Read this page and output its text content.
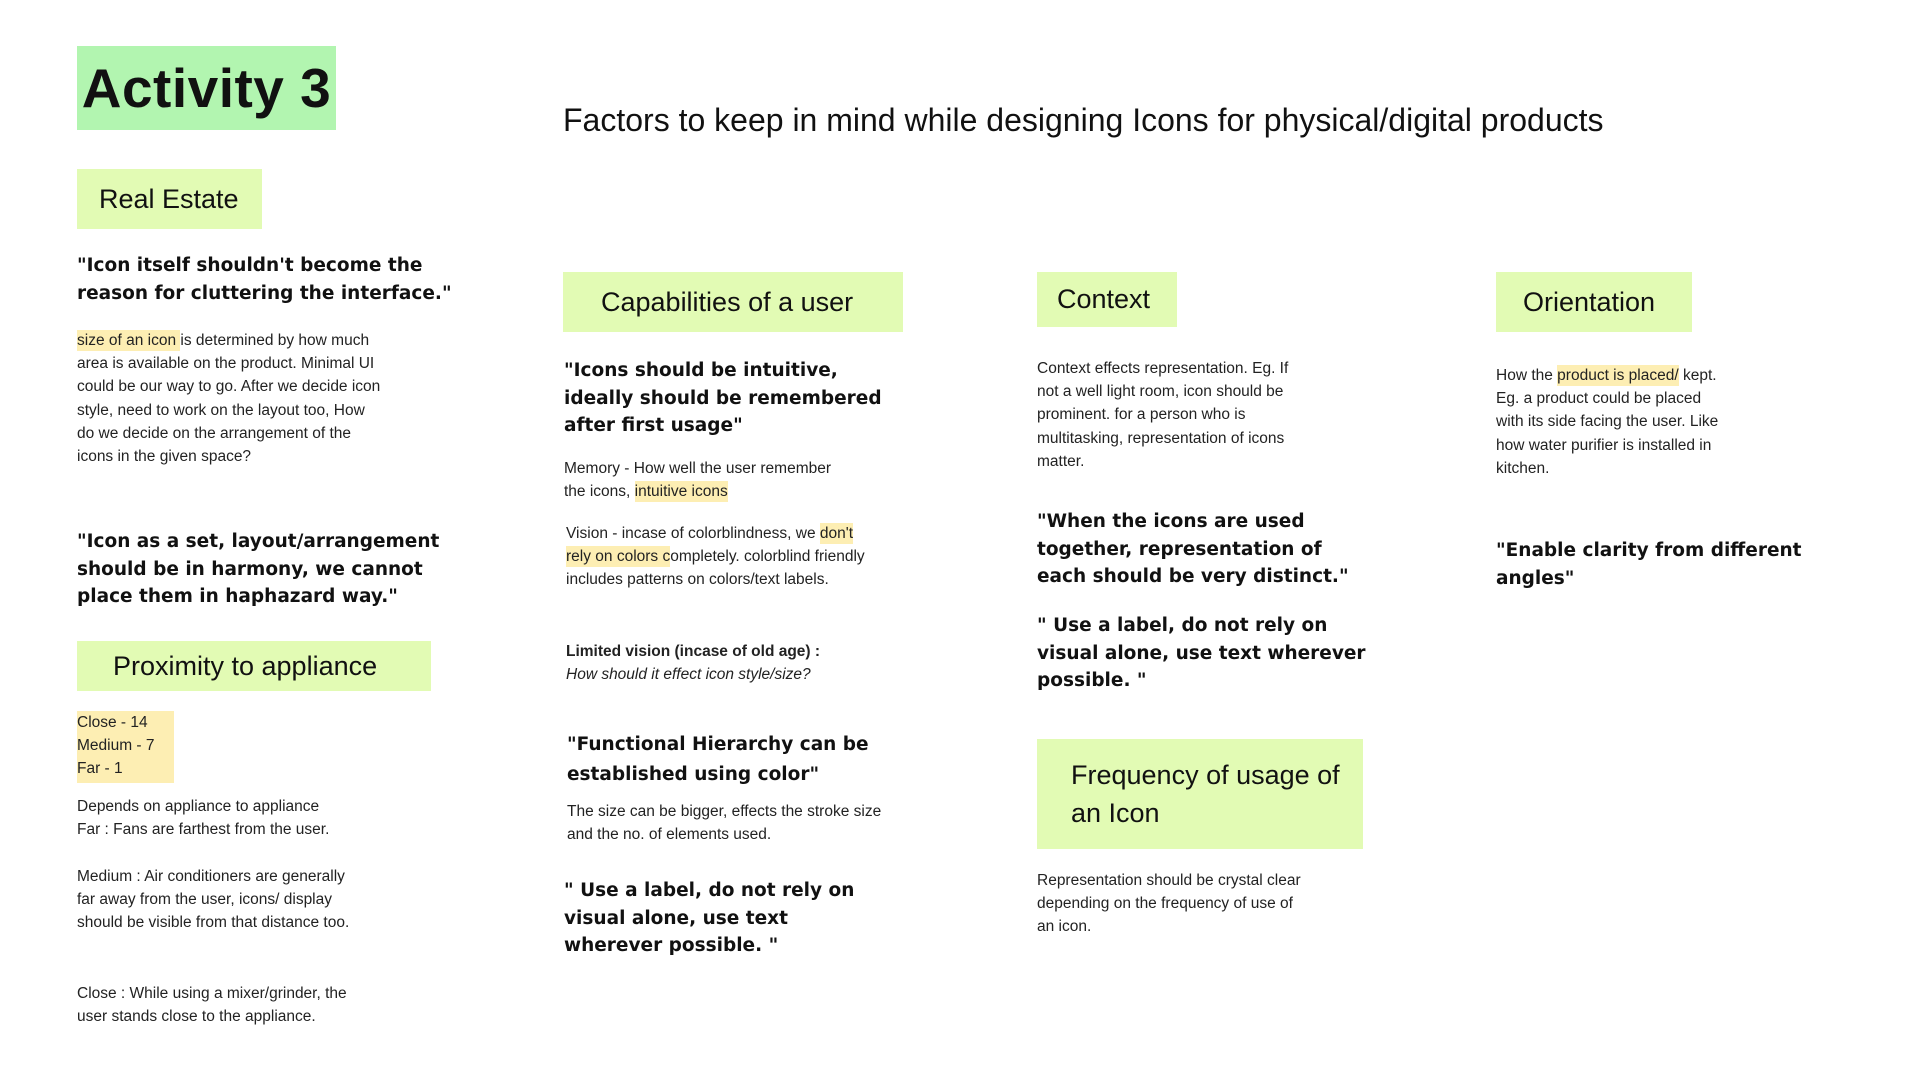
Activity 3
Factors to keep in mind while designing Icons for physical/digital products
Real Estate

"Icon itself shouldn't become the reason for cluttering the interface."

size of an icon is determined by how much area is available on the product. Minimal UI could be our way to go. After we decide icon style, need to work on the layout too, How do we decide on the arrangement of the icons in the given space?

"Icon as a set, layout/arrangement should be in harmony, we cannot place them in haphazard way."

Proximity to appliance
Close - 14
Medium - 7
Far - 1

Depends on appliance to appliance

Far : Fans are farthest from the user.

Medium : Air conditioners are generally far away from the user, icons/ display should be visible from that distance too.

Close : While using a mixer/grinder, the user stands close to the appliance.

Capabilities of a user

"Icons should be intuitive, ideally should be remembered after first usage"

Memory - How well the user remember the icons, intuitive icons

Vision - incase of colorblindness, we don't rely on colors completely. colorblind friendly includes patterns on colors/text labels.

Limited vision (incase of old age) :

How should it effect icon style/size?

"Functional Hierarchy can be established using color"

The size can be bigger, effects the stroke size and the no. of elements used.

" Use a label, do not rely on visual alone, use text wherever possible. "

Context

Context effects representation. Eg. If not a well light room, icon should be prominent. for a person who is multitasking, representation of icons matter.

"When the icons are used together, representation of each should be very distinct."

" Use a label, do not rely on visual alone, use text wherever possible. "

Frequency of usage of an Icon

Representation should be crystal clear depending on the frequency of use of an icon.

Orientation

How the product is placed/ kept. Eg. a product could be placed with its side facing the user. Like how water purifier is installed in kitchen.

"Enable clarity from different angles"
